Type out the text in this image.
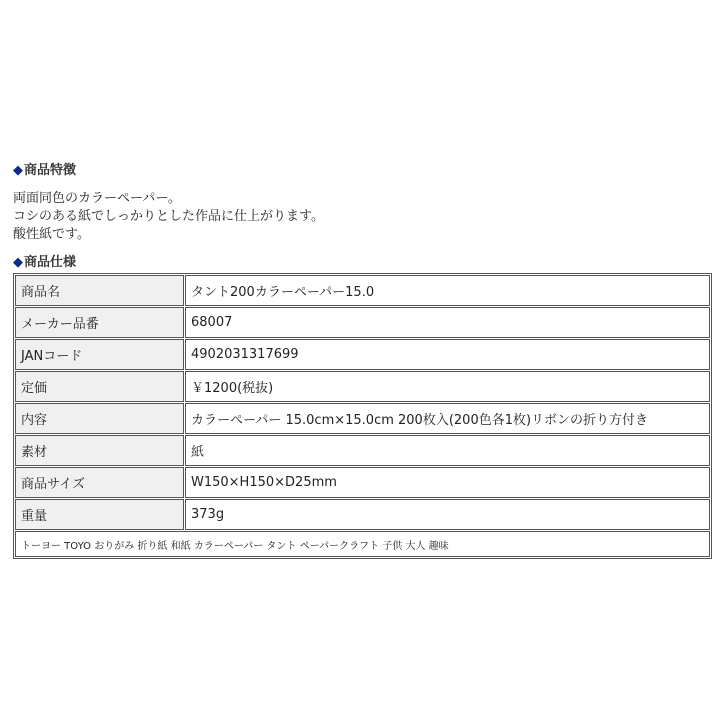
◆商品特徴
両面同色のカラーペーパー。
コシのある紙でしっかりとした作品に仕上がります。
酸性紙です。
◆商品仕様
商品名	タント200カラーペーパー15.0
メーカー品番	68007
JANコード	4902031317699
定価	￥1200(税抜)
内容	カラーペーパー 15.0cm×15.0cm 200枚入(200色各1枚)リボンの折り方付き
素材	紙
商品サイズ	W150×H150×D25mm
重量	373g
トーヨー TOYO おりがみ 折り紙 和紙 カラーペーパー タント ペーパークラフト 子供 大人 趣味	
